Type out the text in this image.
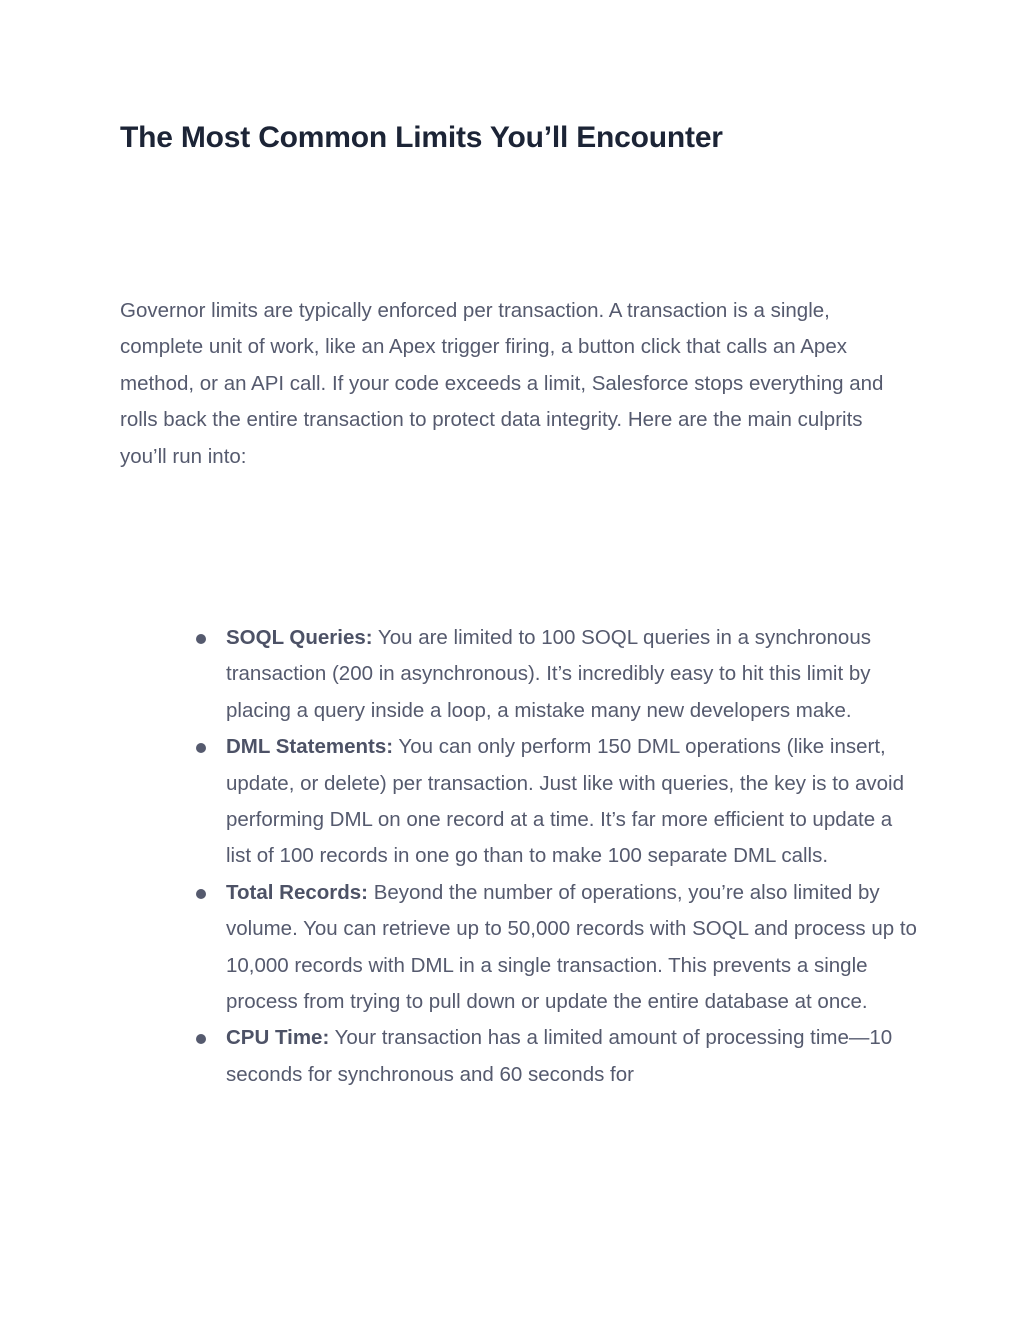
The Most Common Limits You’ll Encounter

Governor limits are typically enforced per transaction. A transaction is a single, complete unit of work, like an Apex trigger firing, a button click that calls an Apex method, or an API call. If your code exceeds a limit, Salesforce stops everything and rolls back the entire transaction to protect data integrity. Here are the main culprits you’ll run into:

SOQL Queries: You are limited to 100 SOQL queries in a synchronous transaction (200 in asynchronous). It’s incredibly easy to hit this limit by placing a query inside a loop, a mistake many new developers make.
DML Statements: You can only perform 150 DML operations (like insert, update, or delete) per transaction. Just like with queries, the key is to avoid performing DML on one record at a time. It’s far more efficient to update a list of 100 records in one go than to make 100 separate DML calls.
Total Records: Beyond the number of operations, you’re also limited by volume. You can retrieve up to 50,000 records with SOQL and process up to 10,000 records with DML in a single transaction. This prevents a single process from trying to pull down or update the entire database at once.
CPU Time: Your transaction has a limited amount of processing time—10 seconds for synchronous and 60 seconds for
